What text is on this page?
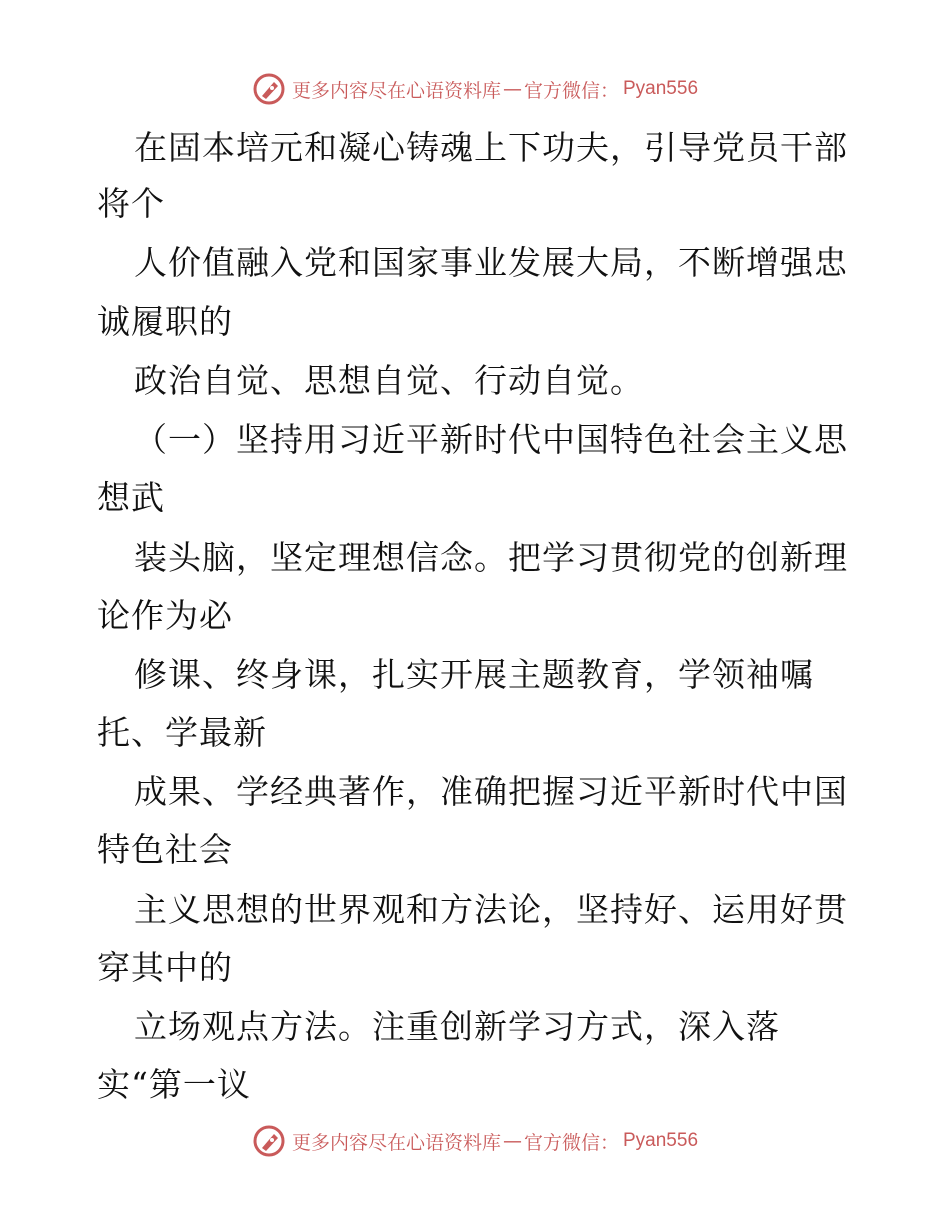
更多内容尽在心语资料库 — 官方微信： Pyan556
在固本培元和凝心铸魂上下功夫，引导党员干部
将个
人价值融入党和国家事业发展大局，不断增强忠
诚履职的
政治自觉、思想自觉、行动自觉。
（一）坚持用习近平新时代中国特色社会主义思
想武
装头脑，坚定理想信念。把学习贯彻党的创新理
论作为必
修课、终身课，扎实开展主题教育，学领袖嘱
托、学最新
成果、学经典著作，准确把握习近平新时代中国
特色社会
主义思想的世界观和方法论，坚持好、运用好贯
穿其中的
立场观点方法。注重创新学习方式，深入落
实“第一议
更多内容尽在心语资料库 — 官方微信： Pyan556
